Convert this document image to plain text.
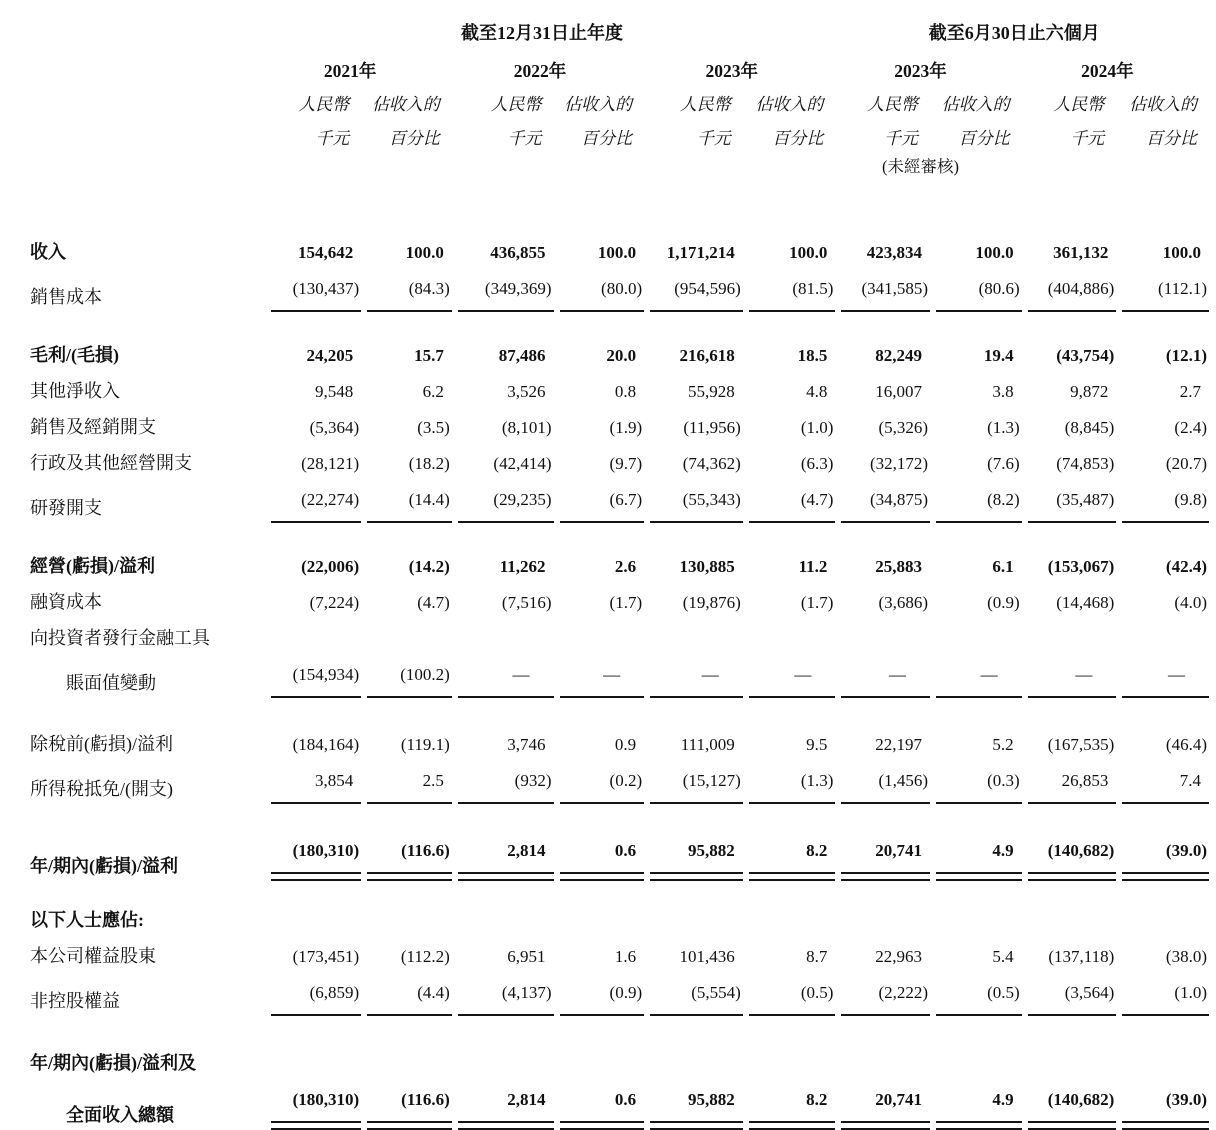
	截至12月31日止年度						截至6月30日止六個月			
	2021年		2022年		2023年		2023年		2024年	

	人民幣	佔收入的	人民幣	佔收入的	人民幣	佔收入的	人民幣	佔收入的	人民幣	佔收入的

	千元	百分比	千元	百分比	千元	百分比	千元	百分比	千元	百分比

							(未經審核)			

收入	154,642	100.0	436,855	100.0	1,171,214	100.0	423,834	100.0	361,132	100.0

銷售成本	(130,437)	(84.3)	(349,369)	(80.0)	(954,596)	(81.5)	(341,585)	(80.6)	(404,886)	(112.1)

毛利/(毛損)	24,205	15.7	87,486	20.0	216,618	18.5	82,249	19.4	(43,754)	(12.1)

其他淨收入	9,548	6.2	3,526	0.8	55,928	4.8	16,007	3.8	9,872	2.7

銷售及經銷開支	(5,364)	(3.5)	(8,101)	(1.9)	(11,956)	(1.0)	(5,326)	(1.3)	(8,845)	(2.4)

行政及其他經營開支	(28,121)	(18.2)	(42,414)	(9.7)	(74,362)	(6.3)	(32,172)	(7.6)	(74,853)	(20.7)

研發開支	(22,274)	(14.4)	(29,235)	(6.7)	(55,343)	(4.7)	(34,875)	(8.2)	(35,487)	(9.8)

經營(虧損)/溢利	(22,006)	(14.2)	11,262	2.6	130,885	11.2	25,883	6.1	(153,067)	(42.4)

融資成本	(7,224)	(4.7)	(7,516)	(1.7)	(19,876)	(1.7)	(3,686)	(0.9)	(14,468)	(4.0)

向投資者發行金融工具										
賬面值變動	(154,934)	(100.2)	—	—	—	—	—	—	—	—

除稅前(虧損)/溢利	(184,164)	(119.1)	3,746	0.9	111,009	9.5	22,197	5.2	(167,535)	(46.4)

所得稅抵免/(開支)	3,854	2.5	(932)	(0.2)	(15,127)	(1.3)	(1,456)	(0.3)	26,853	7.4

年/期內(虧損)/溢利	(180,310)	(116.6)	2,814	0.6	95,882	8.2	20,741	4.9	(140,682)	(39.0)

以下人士應佔:										
本公司權益股東	(173,451)	(112.2)	6,951	1.6	101,436	8.7	22,963	5.4	(137,118)	(38.0)

非控股權益	(6,859)	(4.4)	(4,137)	(0.9)	(5,554)	(0.5)	(2,222)	(0.5)	(3,564)	(1.0)

年/期內(虧損)/溢利及										
全面收入總額	(180,310)	(116.6)	2,814	0.6	95,882	8.2	20,741	4.9	(140,682)	(39.0)
